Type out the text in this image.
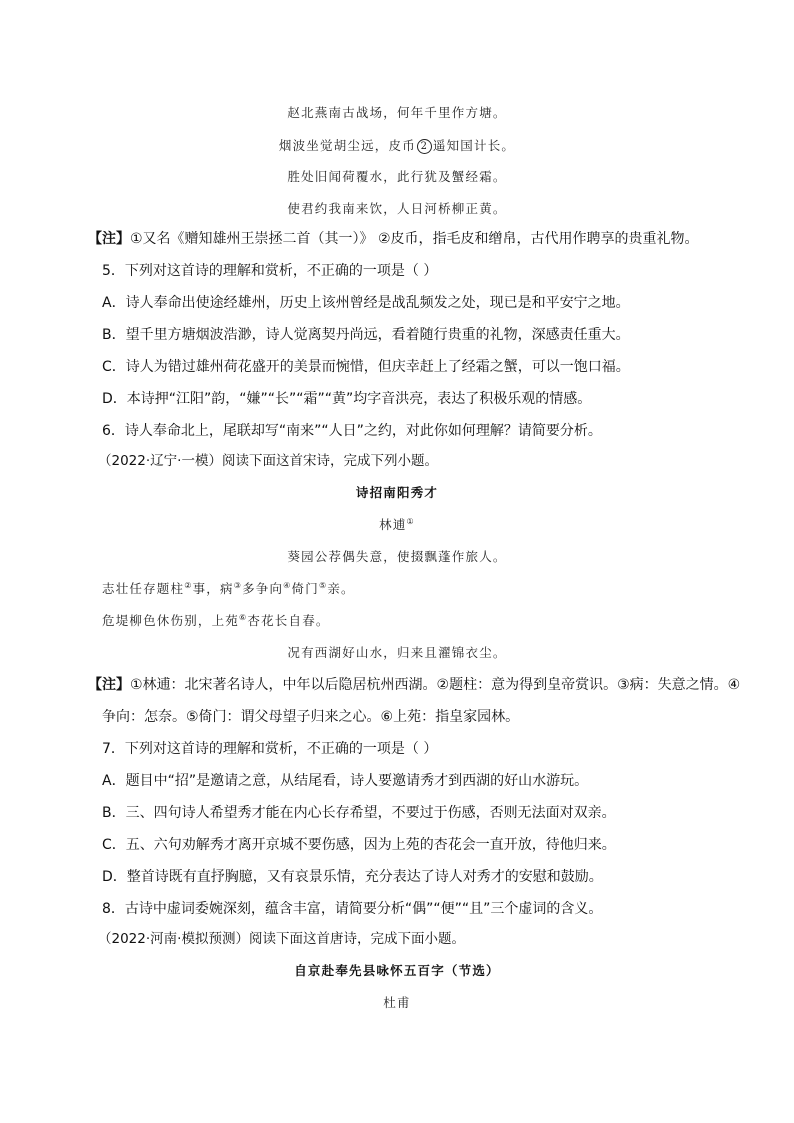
赵北燕南古战场，何年千里作方塘。
烟波坐觉胡尘远，皮币 2 遥知国计长。
胜处旧闻荷覆水，此行犹及蟹经霜。
使君约我南来饮，人日河桥柳正黄。
【注】①又名《赠知雄州王崇拯二首（其一）》 ②皮币，指毛皮和缯帛，古代用作聘享的贵重礼物。
5．下列对这首诗的理解和赏析，不正确的一项是（ ）
A．诗人奉命出使途经雄州，历史上该州曾经是战乱频发之处，现已是和平安宁之地。
B．望千里方塘烟波浩渺，诗人觉离契丹尚远，看着随行贵重的礼物，深感责任重大。
C．诗人为错过雄州荷花盛开的美景而惋惜，但庆幸赶上了经霜之蟹，可以一饱口福。
D．本诗押“江阳”韵，“嫌”“长”“霜”“黄”均字音洪亮，表达了积极乐观的情感。
6．诗人奉命北上，尾联却写“南来”“人日”之约，对此你如何理解？请简要分析。
（2022·辽宁·一模）阅读下面这首宋诗，完成下列小题。
诗招南阳秀才
林逋①
葵园公荐偶失意，使掇飘蓬作旅人。
志壮任存题柱②事，病③多争向④倚门⑤亲。
危堤柳色休伤别，上苑⑥杏花长自春。
况有西湖好山水，归来且濯锦衣尘。
【注】①林逋：北宋著名诗人，中年以后隐居杭州西湖。②题柱：意为得到皇帝赏识。③病：失意之情。④
争向：怎奈。⑤倚门：谓父母望子归来之心。⑥上苑：指皇家园林。
7．下列对这首诗的理解和赏析，不正确的一项是（ ）
A．题目中“招”是邀请之意，从结尾看，诗人要邀请秀才到西湖的好山水游玩。
B．三、四句诗人希望秀才能在内心长存希望，不要过于伤感，否则无法面对双亲。
C．五、六句劝解秀才离开京城不要伤感，因为上苑的杏花会一直开放，待他归来。
D．整首诗既有直抒胸臆，又有哀景乐情，充分表达了诗人对秀才的安慰和鼓励。
8．古诗中虚词委婉深刻，蕴含丰富，请简要分析“偶”“便”“且”三个虚词的含义。
（2022·河南·模拟预测）阅读下面这首唐诗，完成下面小题。
自京赴奉先县咏怀五百字（节选）
杜甫
